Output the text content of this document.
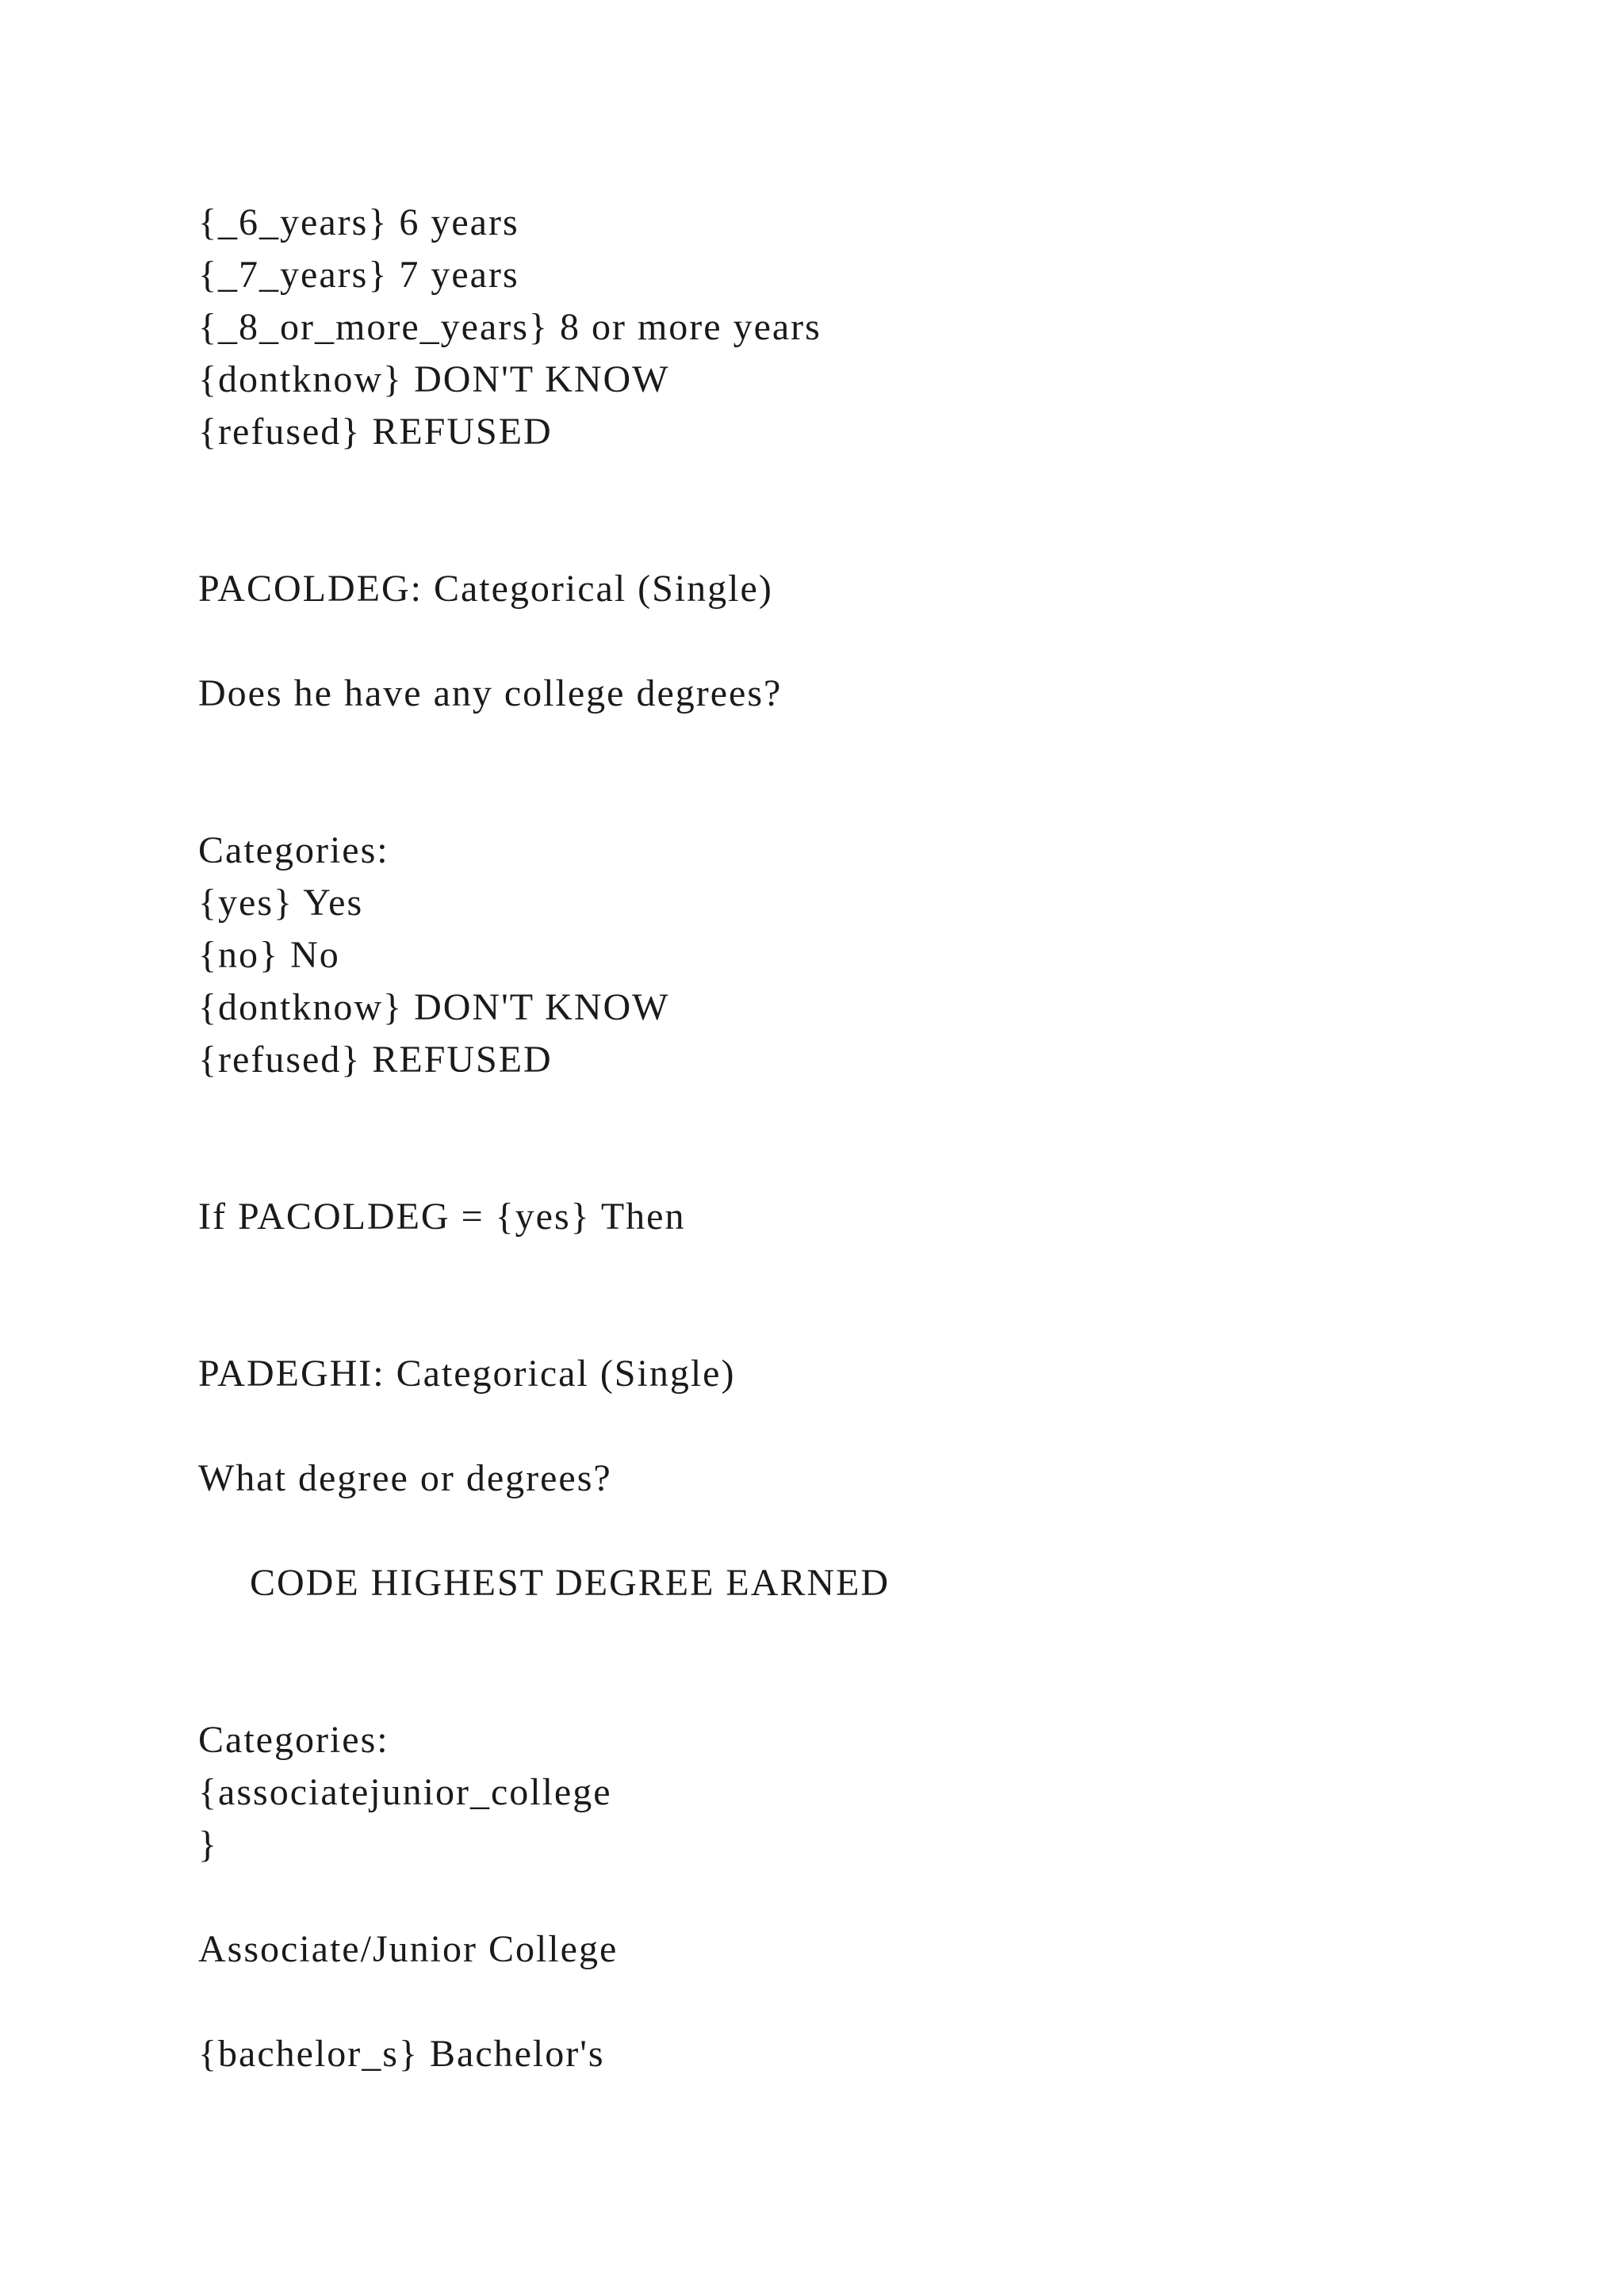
{_6_years} 6 years
{_7_years} 7 years
{_8_or_more_years} 8 or more years
{dontknow} DON'T KNOW
{refused} REFUSED
PACOLDEG: Categorical (Single)
Does he have any college degrees?
Categories:
{yes} Yes
{no} No
{dontknow} DON'T KNOW
{refused} REFUSED
If PACOLDEG = {yes} Then
PADEGHI: Categorical (Single)
What degree or degrees?
CODE HIGHEST DEGREE EARNED
Categories:
{associatejunior_college
}
Associate/Junior College
{bachelor_s} Bachelor's
